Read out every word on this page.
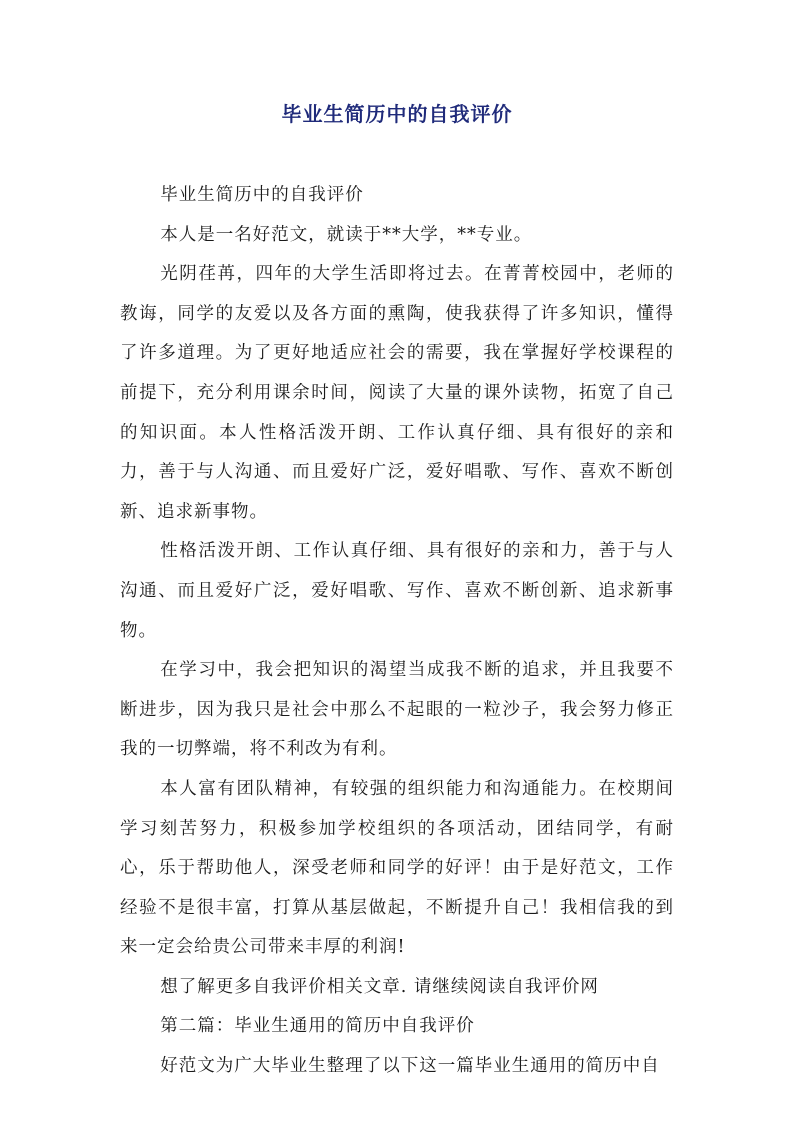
毕业生简历中的自我评价

毕业生简历中的自我评价

本人是一名好范文，就读于**大学，**专业。

光阴荏苒，四年的大学生活即将过去。在菁菁校园中，老师的教诲，同学的友爱以及各方面的熏陶，使我获得了许多知识，懂得了许多道理。为了更好地适应社会的需要，我在掌握好学校课程的前提下，充分利用课余时间，阅读了大量的课外读物，拓宽了自己的知识面。本人性格活泼开朗、工作认真仔细、具有很好的亲和力，善于与人沟通、而且爱好广泛，爱好唱歌、写作、喜欢不断创新、追求新事物。

性格活泼开朗、工作认真仔细、具有很好的亲和力，善于与人沟通、而且爱好广泛，爱好唱歌、写作、喜欢不断创新、追求新事物。

在学习中，我会把知识的渴望当成我不断的追求，并且我要不断进步，因为我只是社会中那么不起眼的一粒沙子，我会努力修正我的一切弊端，将不利改为有利。

本人富有团队精神，有较强的组织能力和沟通能力。在校期间学习刻苦努力，积极参加学校组织的各项活动，团结同学，有耐心，乐于帮助他人，深受老师和同学的好评！由于是好范文，工作经验不是很丰富，打算从基层做起，不断提升自己！我相信我的到来一定会给贵公司带来丰厚的利润!

想了解更多自我评价相关文章. 请继续阅读自我评价网

第二篇：毕业生通用的简历中自我评价

好范文为广大毕业生整理了以下这一篇毕业生通用的简历中自
